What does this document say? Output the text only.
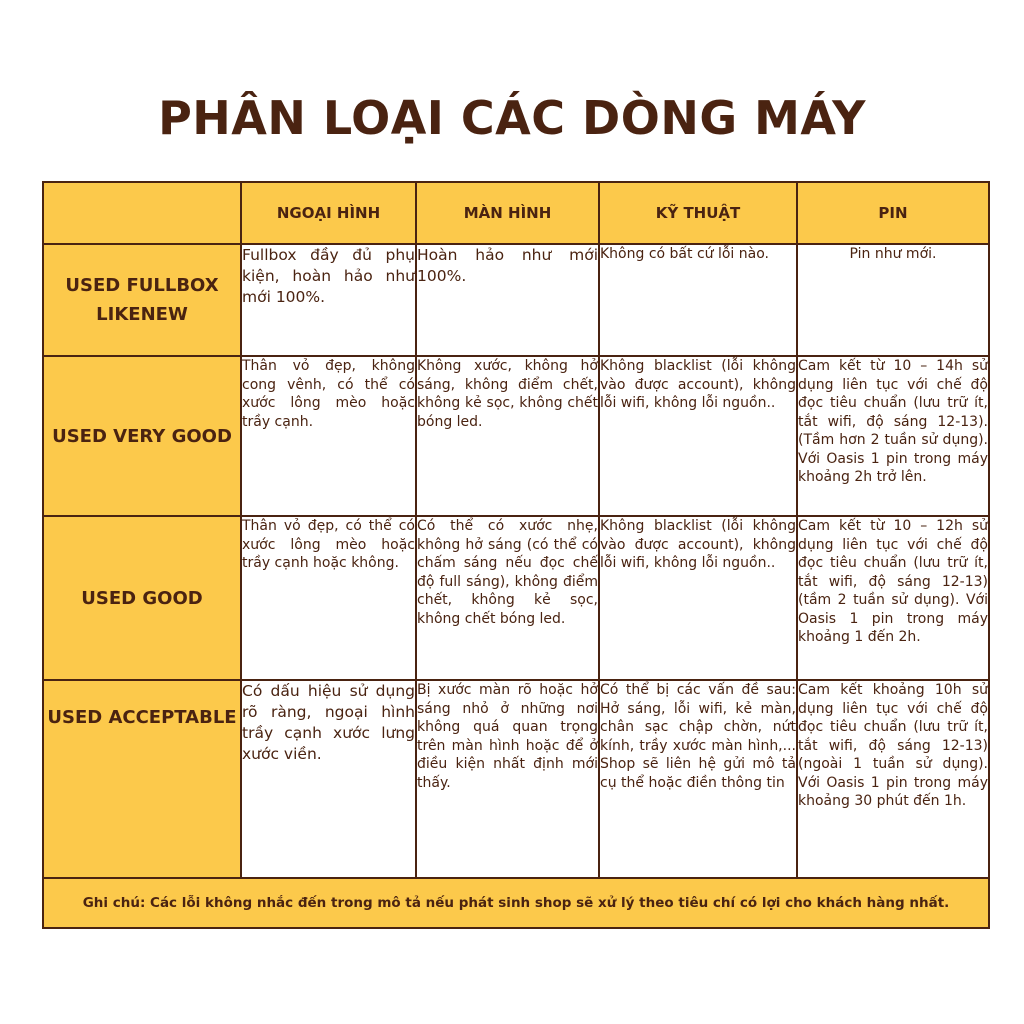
PHÂN LOẠI CÁC DÒNG MÁY
	NGOẠI HÌNH	MÀN HÌNH	KỸ THUẬT	PIN
USED FULLBOX LIKENEW	Fullbox đầy đủ phụ kiện, hoàn hảo như mới 100%.	Hoàn hảo như mới 100%.	Không có bất cứ lỗi nào.	Pin như mới.
USED VERY GOOD	Thân vỏ đẹp, không cong vênh, có thể có xước lông mèo hoặc trầy cạnh.	Không xước, không hở sáng, không điểm chết, không kẻ sọc, không chết bóng led.	Không blacklist (lỗi không vào được account), không lỗi wifi, không lỗi nguồn..	Cam kết từ 10 – 14h sử dụng liên tục với chế độ đọc tiêu chuẩn (lưu trữ ít, tắt wifi, độ sáng 12-13). (Tầm hơn 2 tuần sử dụng). Với Oasis 1 pin trong máy khoảng 2h trở lên.
USED GOOD	Thân vỏ đẹp, có thể có xước lông mèo hoặc trầy cạnh hoặc không.	Có thể có xước nhẹ, không hở sáng (có thể có chấm sáng nếu đọc chế độ full sáng), không điểm chết, không kẻ sọc, không chết bóng led.	Không blacklist (lỗi không vào được account), không lỗi wifi, không lỗi nguồn..	Cam kết từ 10 – 12h sử dụng liên tục với chế độ đọc tiêu chuẩn (lưu trữ ít, tắt wifi, độ sáng 12-13) (tầm 2 tuần sử dụng). Với Oasis 1 pin trong máy khoảng 1 đến 2h.
USED ACCEPTABLE	Có dấu hiệu sử dụng rõ ràng, ngoại hình trầy cạnh xước lưng xước viền.	Bị xước màn rõ hoặc hở sáng nhỏ ở những nơi không quá quan trọng trên màn hình hoặc để ở điều kiện nhất định mới thấy.	Có thể bị các vấn đề sau: Hở sáng, lỗi wifi, kẻ màn, chân sạc chập chờn, nứt kính, trầy xước màn hình,... Shop sẽ liên hệ gửi mô tả cụ thể hoặc điền thông tin	Cam kết khoảng 10h sử dụng liên tục với chế độ đọc tiêu chuẩn (lưu trữ ít, tắt wifi, độ sáng 12-13) (ngoài 1 tuần sử dụng). Với Oasis 1 pin trong máy khoảng 30 phút đến 1h.
Ghi chú: Các lỗi không nhắc đến trong mô tả nếu phát sinh shop sẽ xử lý theo tiêu chí có lợi cho khách hàng nhất.				
